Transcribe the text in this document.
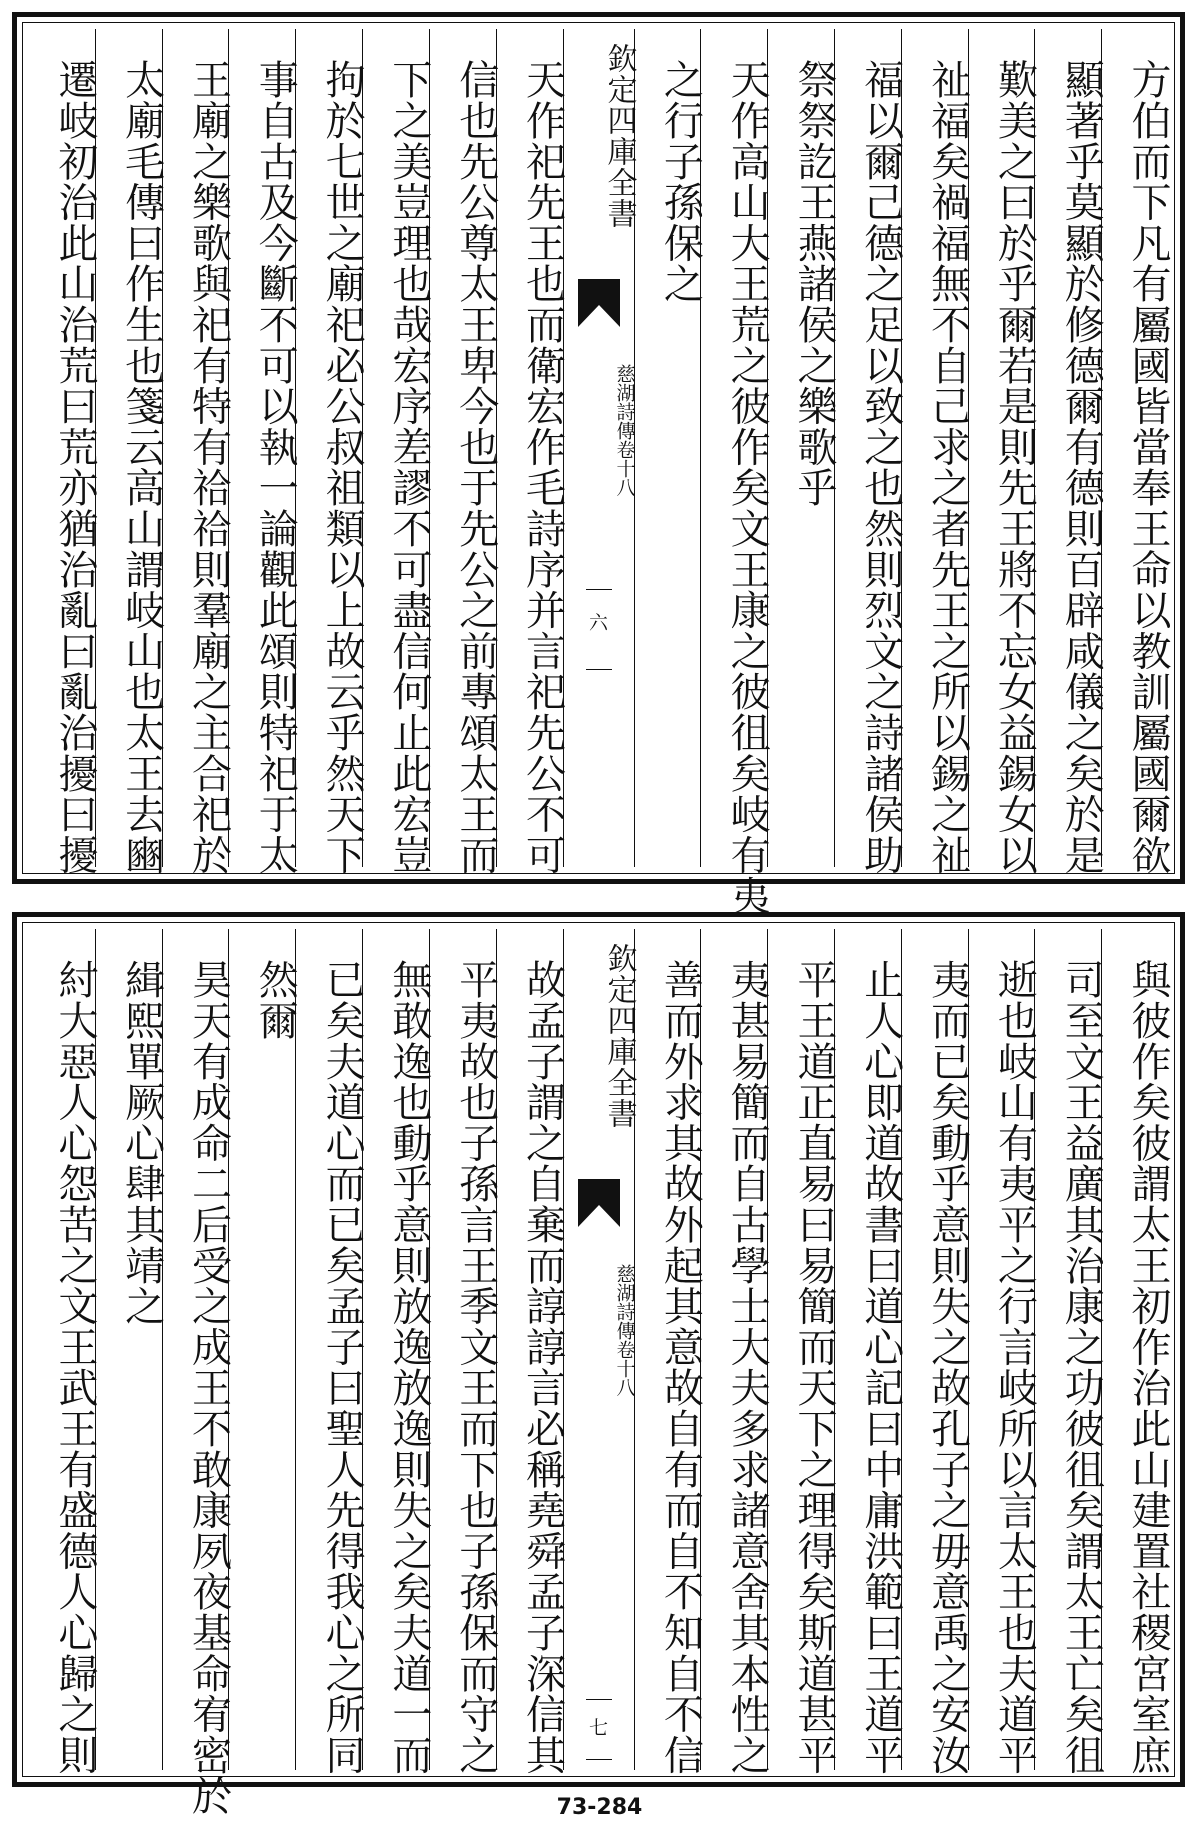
方伯而下凡有屬國皆當奉王命以教訓屬國爾欲
顯著乎莫顯於修德爾有德則百辟咸儀之矣於是
歎美之曰於乎爾若是則先王將不忘女益錫女以
祉福矣禍福無不自己求之者先王之所以錫之祉
福以爾己德之足以致之也然則烈文之詩諸侯助
祭祭訖王燕諸侯之樂歌乎
天作高山大王荒之彼作矣文王康之彼徂矣岐有夷
之行子孫保之
欽定四庫全書
慈湖詩傳
卷十八
六
天作祀先王也而衛宏作毛詩序并言祀先公不可
信也先公尊太王卑今也于先公之前專頌太王而
下之美豈理也哉宏序差謬不可盡信何止此宏豈
拘於七世之廟祀必公叔祖類以上故云乎然天下
事自古及今斷不可以執一論觀此頌則特祀于太
王廟之樂歌與祀有特有祫祫則羣廟之主合祀於
太廟毛傳曰作生也箋云高山謂岐山也太王去豳
遷岐初治此山治荒曰荒亦猶治亂曰亂治擾曰擾
與彼作矣彼謂太王初作治此山建置社稷宮室庶
司至文王益廣其治康之功彼徂矣謂太王亡矣徂
逝也岐山有夷平之行言岐所以言太王也夫道平
夷而已矣動乎意則失之故孔子之毋意禹之安汝
止人心即道故書曰道心記曰中庸洪範曰王道平
平王道正直易曰易簡而天下之理得矣斯道甚平
夷甚易簡而自古學士大夫多求諸意舍其本性之
善而外求其故外起其意故自有而自不知自不信
欽定四庫全書
慈湖詩傳
卷十八
七
故孟子謂之自棄而諄諄言必稱堯舜孟子深信其
平夷故也子孫言王季文王而下也子孫保而守之
無敢逸也動乎意則放逸放逸則失之矣夫道一而
已矣夫道心而已矣孟子曰聖人先得我心之所同
然爾
昊天有成命二后受之成王不敢康夙夜基命宥密於
緝熙單厥心肆其靖之
紂大惡人心怨苦之文王武王有盛德人心歸之則
73-284
